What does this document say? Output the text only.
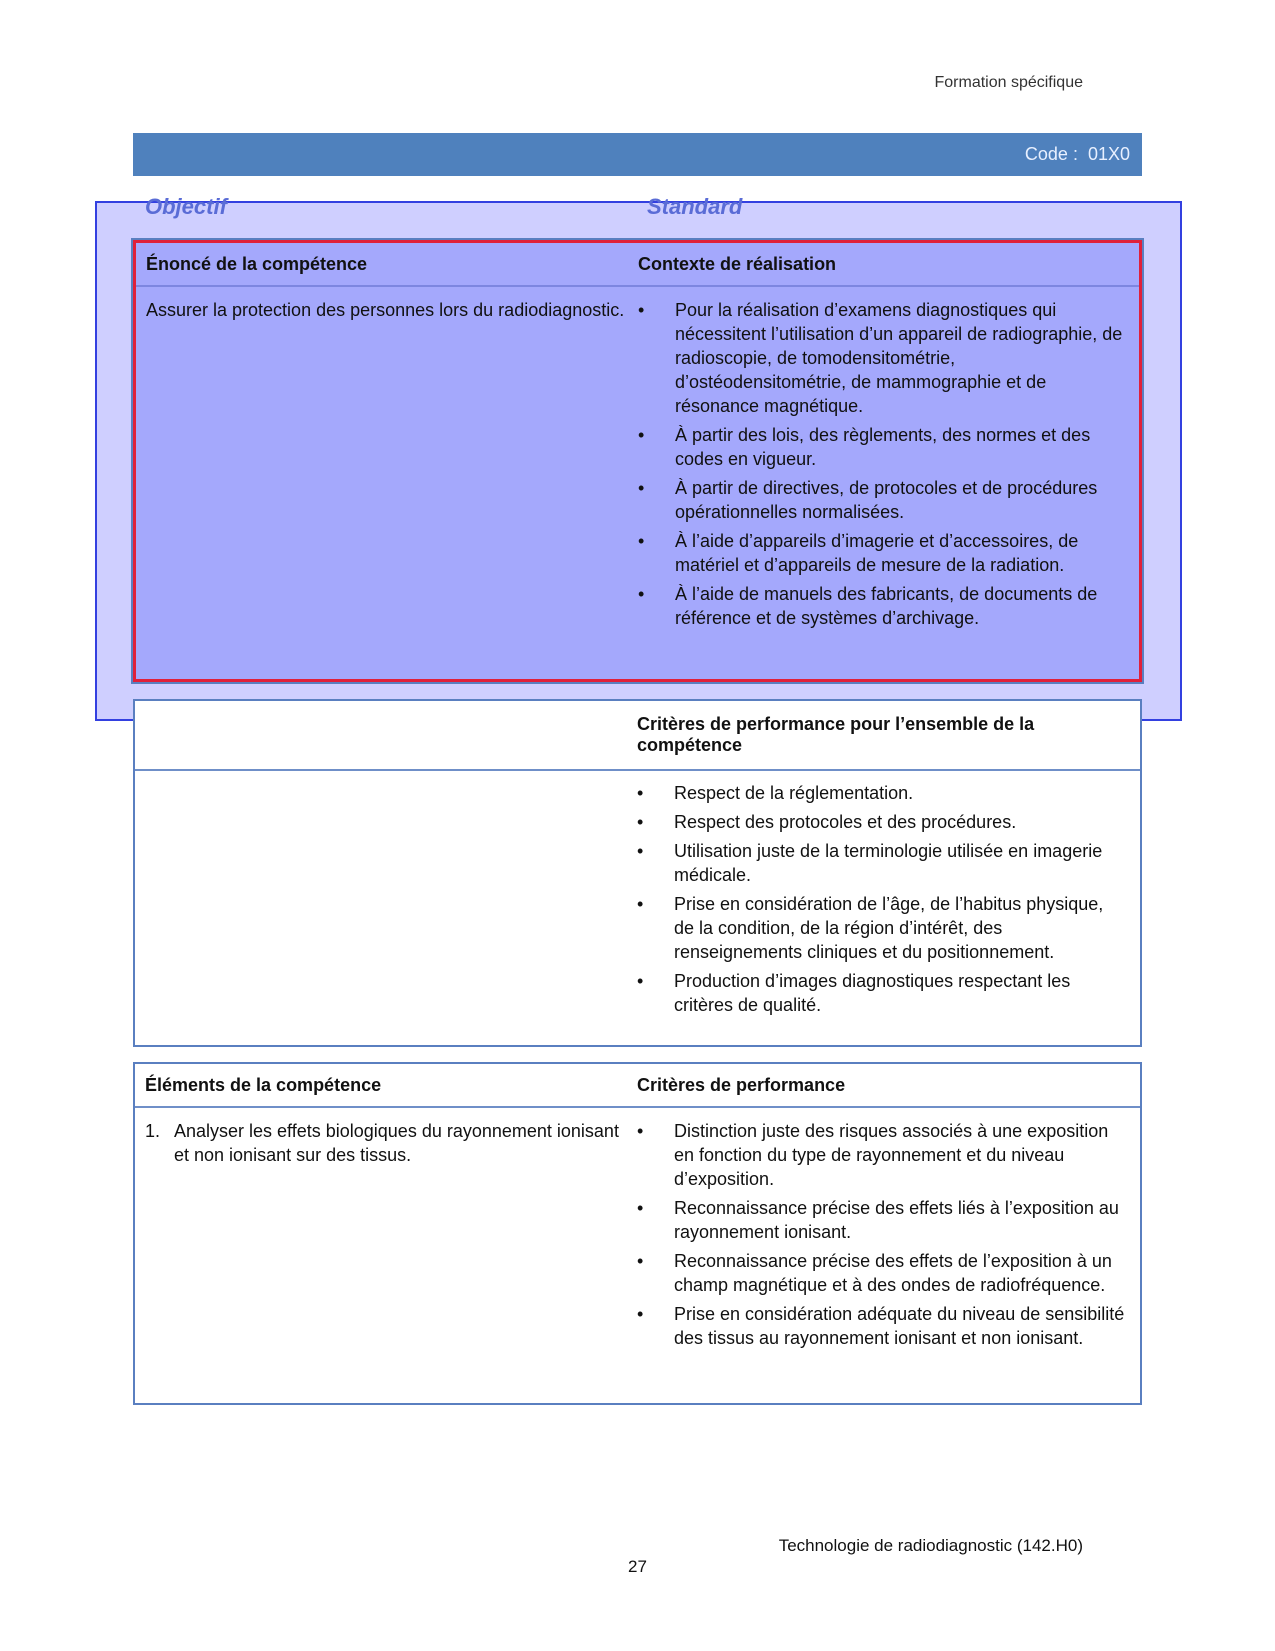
Formation spécifique
Code : 01X0
Objectif	Standard
Énoncé de la compétence	Contexte de réalisation
Assurer la protection des personnes lors du radiodiagnostic.
•	Pour la réalisation d’examens diagnostiques qui nécessitent l’utilisation d’un appareil de radiographie, de radioscopie, de tomodensitométrie, d’ostéodensitométrie, de mammographie et de résonance magnétique.
• À partir des lois, des règlements, des normes et des codes en vigueur.
• À partir de directives, de protocoles et de procédures opérationnelles normalisées.
• À l’aide d’appareils d’imagerie et d’accessoires, de matériel et d’appareils de mesure de la radiation.
• À l’aide de manuels des fabricants, de documents de référence et de systèmes d’archivage.
Critères de performance pour l’ensemble de la compétence
• Respect de la réglementation.
• Respect des protocoles et des procédures.
• Utilisation juste de la terminologie utilisée en imagerie médicale.
• Prise en considération de l’âge, de l’habitus physique, de la condition, de la région d’intérêt, des renseignements cliniques et du positionnement.
• Production d’images diagnostiques respectant les critères de qualité.
Éléments de la compétence	Critères de performance
1. Analyser les effets biologiques du rayonnement ionisant et non ionisant sur des tissus.
• Distinction juste des risques associés à une exposition en fonction du type de rayonnement et du niveau d’exposition.
• Reconnaissance précise des effets liés à l’exposition au rayonnement ionisant.
• Reconnaissance précise des effets de l’exposition à un champ magnétique et à des ondes de radiofréquence.
• Prise en considération adéquate du niveau de sensibilité des tissus au rayonnement ionisant et non ionisant.
Technologie de radiodiagnostic (142.H0)
27
